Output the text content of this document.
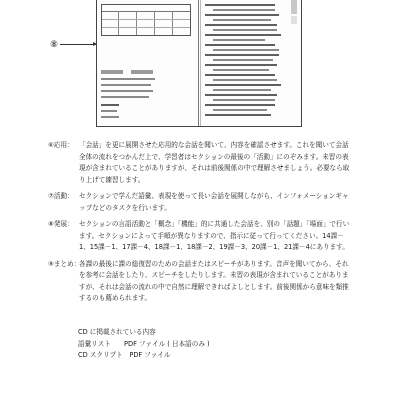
⑧
⑥応用： 「会話」を更に展開させた応用的な会話を聞いて、内容を確認させます。これを聞いて会話全体の流れをつかんだ上で、学習者はセクションの最後の「活動」にのぞみます。未習の表現が含まれていることがありますが、それは前後関係の中で理解させましょう。必要なら取り上げて練習します。
⑦活動： セクションで学んだ語彙、表現を使って長い会話を展開しながら、インフォメーションギャップなどのタスクを行います。
⑧発展： セクションの言語活動と「概念」「機能」的に共通した会話を、別の「話題」「場面」で行います。セクションによって手順が異なりますので、指示に従って行ってください。14課－1、15課－1、17課－4、18課－1、18課－2、19課－3、20課－1、21課－4にあります。
⑨まとめ：
各課の最後に課の総復習のための会話またはスピーチがあります。音声を聞いてから、それを参考に会話をしたり、スピーチをしたりします。未習の表現が含まれていることがありますが、それは会話の流れの中で自然に理解できればよしとします。前後関係から意味を類推するのも薦められます。
CD に掲載されている内容
語彙リスト　　PDF ファイル ( 日本語のみ )
CD スクリプト　PDF ファイル
